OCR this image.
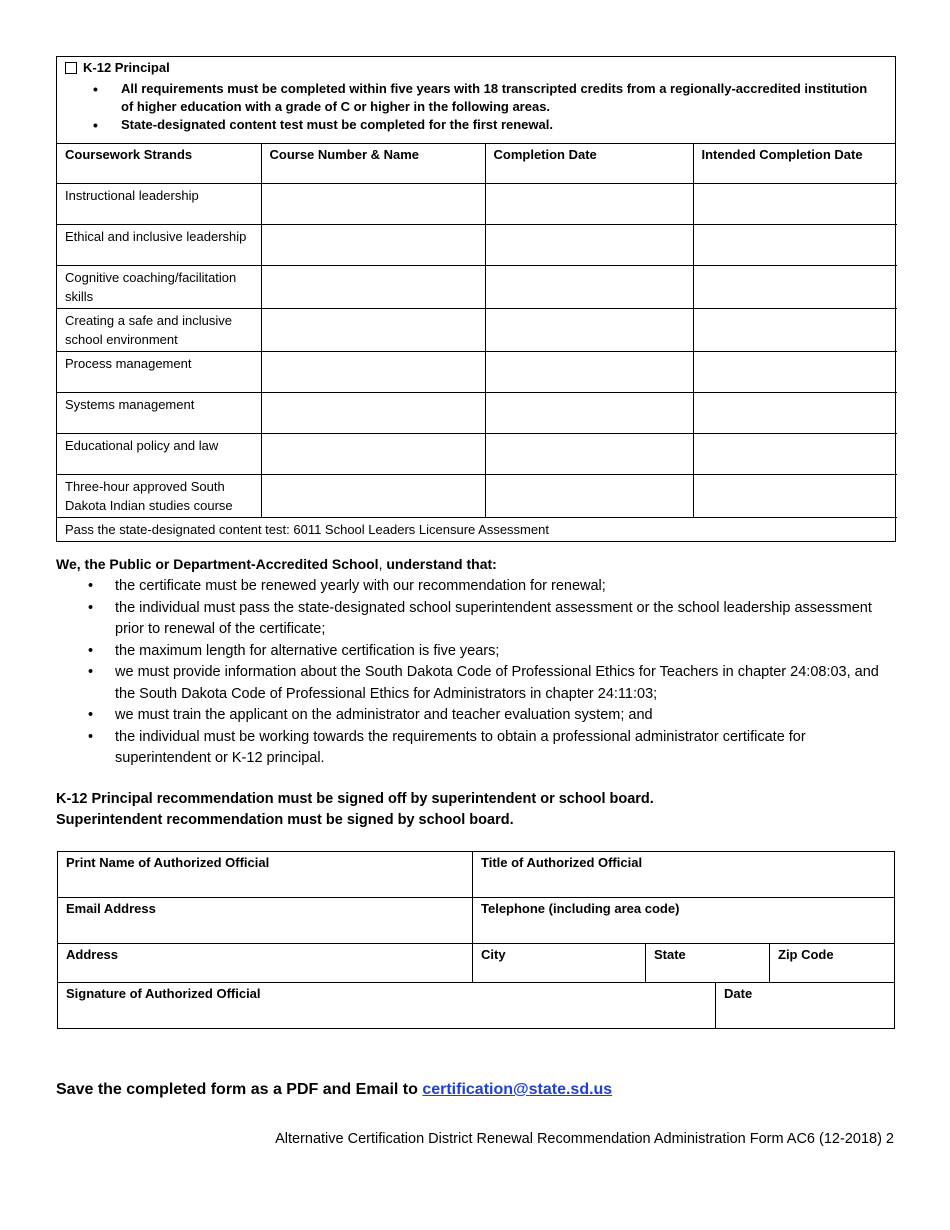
K-12 Principal
• All requirements must be completed within five years with 18 transcripted credits from a regionally-accredited institution of higher education with a grade of C or higher in the following areas.
• State-designated content test must be completed for the first renewal.
Coursework Strands	Course Number & Name	Completion Date	Intended Completion Date
Instructional leadership			
Ethical and inclusive leadership			
Cognitive coaching/facilitation skills			
Creating a safe and inclusive school environment			
Process management			
Systems management			
Educational policy and law			
Three-hour approved South Dakota Indian studies course			
Pass the state-designated content test: 6011 School Leaders Licensure Assessment			
We, the Public or Department-Accredited School, understand that:
• the certificate must be renewed yearly with our recommendation for renewal;
• the individual must pass the state-designated school superintendent assessment or the school leadership assessment prior to renewal of the certificate;
• the maximum length for alternative certification is five years;
• we must provide information about the South Dakota Code of Professional Ethics for Teachers in chapter 24:08:03, and the South Dakota Code of Professional Ethics for Administrators in chapter 24:11:03;
• we must train the applicant on the administrator and teacher evaluation system; and
• the individual must be working towards the requirements to obtain a professional administrator certificate for superintendent or K-12 principal.
K-12 Principal recommendation must be signed off by superintendent or school board.
Superintendent recommendation must be signed by school board.
Print Name of Authorized Official	Title of Authorized Official			
Email Address	Telephone (including area code)			
Address	City	State		Zip Code
Signature of Authorized Official			Date	
Save the completed form as a PDF and Email to certification@state.sd.us
Alternative Certification District Renewal Recommendation Administration Form AC6 (12-2018) 2
